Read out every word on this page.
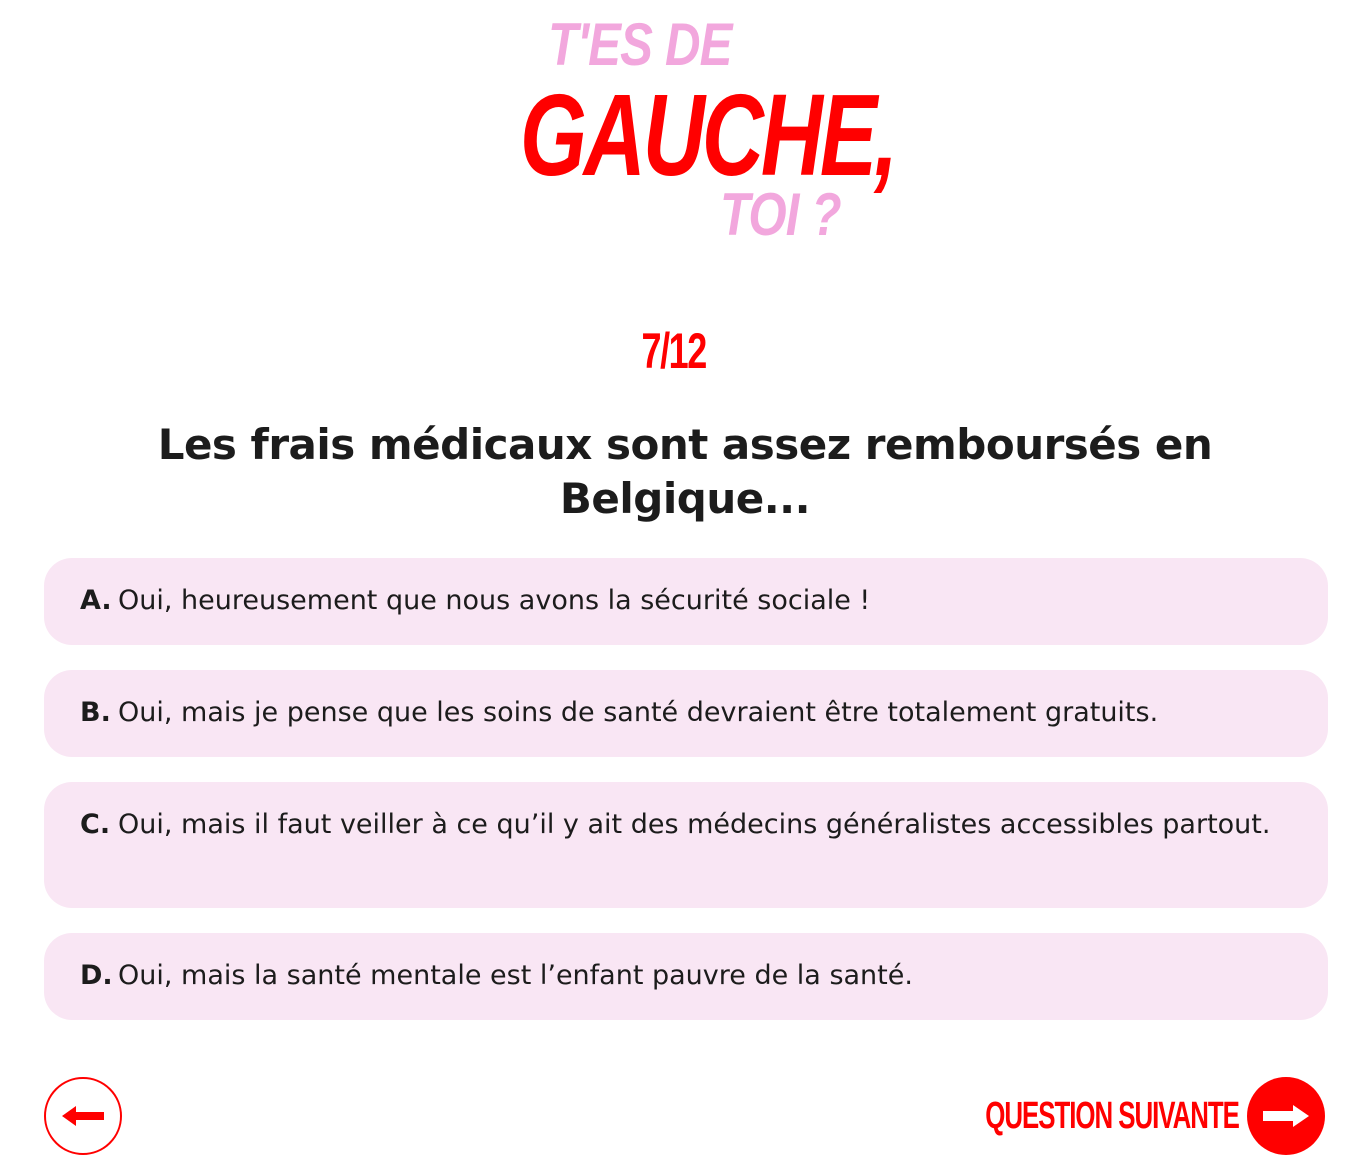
T'ES DE
GAUCHE,
TOI ?
7/12
Les frais médicaux sont assez remboursés en Belgique...
A. Oui, heureusement que nous avons la sécurité sociale !
B. Oui, mais je pense que les soins de santé devraient être totalement gratuits.
C. Oui, mais il faut veiller à ce qu’il y ait des médecins généralistes accessibles partout.
D. Oui, mais la santé mentale est l’enfant pauvre de la santé.
QUESTION SUIVANTE
